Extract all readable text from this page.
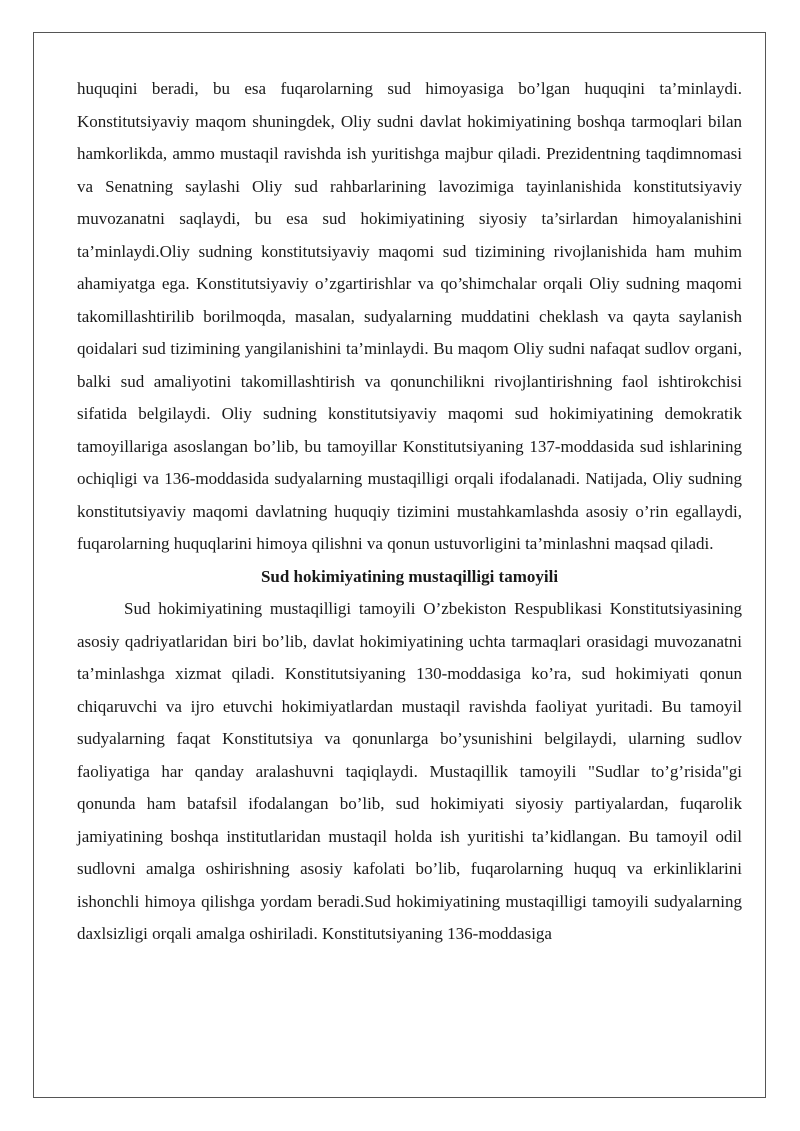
huquqini beradi, bu esa fuqarolarning sud himoyasiga bo’lgan huquqini ta’minlaydi. Konstitutsiyaviy maqom shuningdek, Oliy sudni davlat hokimiyatining boshqa tarmoqlari bilan hamkorlikda, ammo mustaqil ravishda ish yuritishga majbur qiladi. Prezidentning taqdimnomasi va Senatning saylashi Oliy sud rahbarlarining lavozimiga tayinlanishida konstitutsiyaviy muvozanatni saqlaydi, bu esa sud hokimiyatining siyosiy ta’sirlardan himoyalanishini ta’minlaydi.Oliy sudning konstitutsiyaviy maqomi sud tizimining rivojlanishida ham muhim ahamiyatga ega. Konstitutsiyaviy o’zgartirishlar va qo’shimchalar orqali Oliy sudning maqomi takomillashtirilib borilmoqda, masalan, sudyalarning muddatini cheklash va qayta saylanish qoidalari sud tizimining yangilanishini ta’minlaydi. Bu maqom Oliy sudni nafaqat sudlov organi, balki sud amaliyotini takomillashtirish va qonunchilikni rivojlantirishning faol ishtirokchisi sifatida belgilaydi. Oliy sudning konstitutsiyaviy maqomi sud hokimiyatining demokratik tamoyillariga asoslangan bo’lib, bu tamoyillar Konstitutsiyaning 137-moddasida sud ishlarining ochiqligi va 136-moddasida sudyalarning mustaqilligi orqali ifodalanadi. Natijada, Oliy sudning konstitutsiyaviy maqomi davlatning huquqiy tizimini mustahkamlashda asosiy o’rin egallaydi, fuqarolarning huquqlarini himoya qilishni va qonun ustuvorligini ta’minlashni maqsad qiladi.

Sud hokimiyatining mustaqilligi tamoyili

Sud hokimiyatining mustaqilligi tamoyili O’zbekiston Respublikasi Konstitutsiyasining asosiy qadriyatlaridan biri bo’lib, davlat hokimiyatining uchta tarmaqlari orasidagi muvozanatni ta’minlashga xizmat qiladi. Konstitutsiyaning 130-moddasiga ko’ra, sud hokimiyati qonun chiqaruvchi va ijro etuvchi hokimiyatlardan mustaqil ravishda faoliyat yuritadi. Bu tamoyil sudyalarning faqat Konstitutsiya va qonunlarga bo’ysunishini belgilaydi, ularning sudlov faoliyatiga har qanday aralashuvni taqiqlaydi. Mustaqillik tamoyili "Sudlar to’g’risida"gi qonunda ham batafsil ifodalangan bo’lib, sud hokimiyati siyosiy partiyalardan, fuqarolik jamiyatining boshqa institutlaridan mustaqil holda ish yuritishi ta’kidlangan. Bu tamoyil odil sudlovni amalga oshirishning asosiy kafolati bo’lib, fuqarolarning huquq va erkinliklarini ishonchli himoya qilishga yordam beradi.Sud hokimiyatining mustaqilligi tamoyili sudyalarning daxlsizligi orqali amalga oshiriladi. Konstitutsiyaning 136-moddasiga
